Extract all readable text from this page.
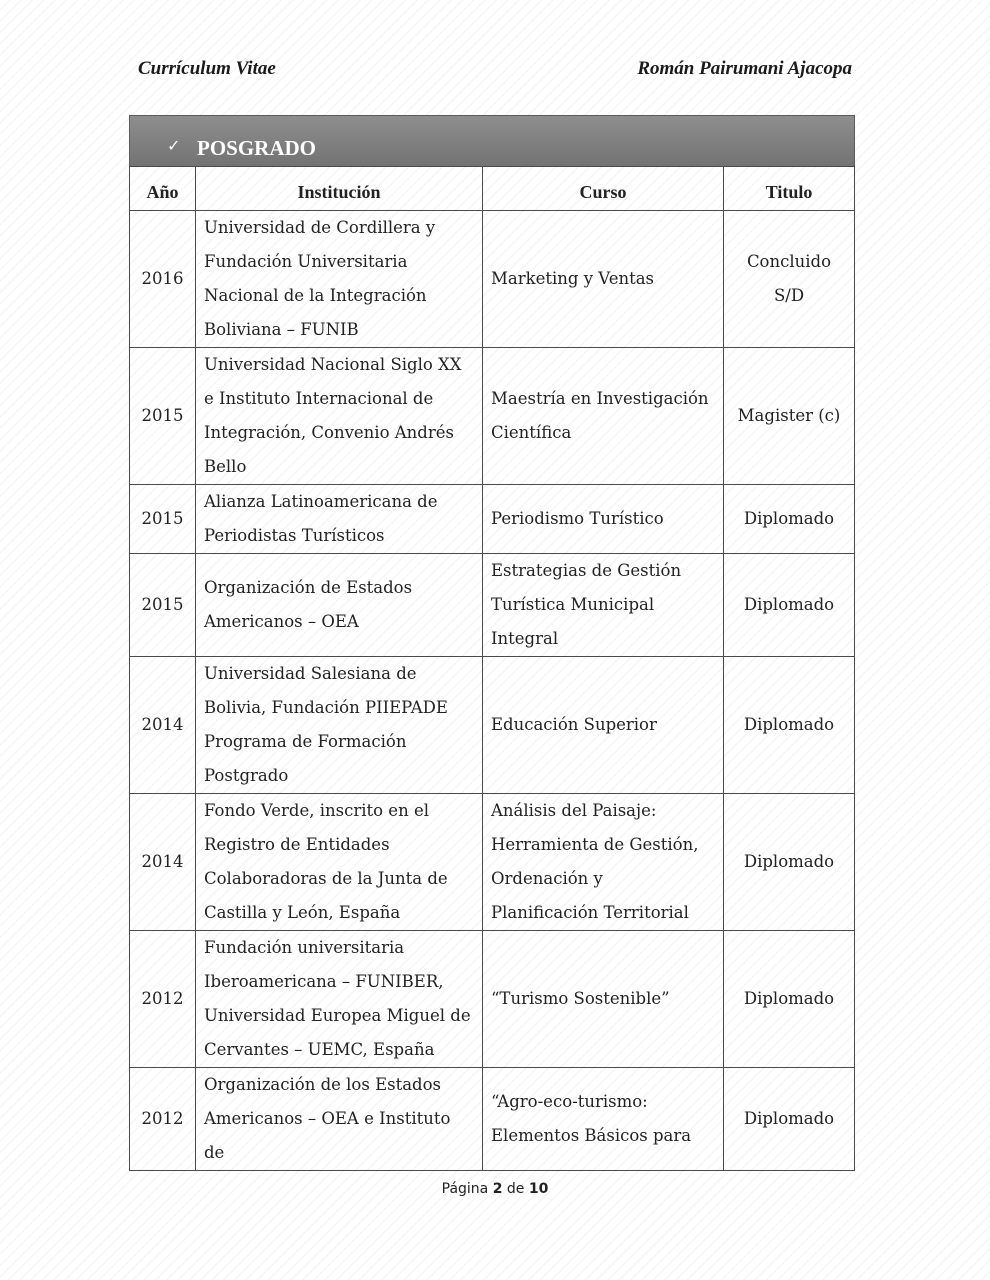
Currículum Vitae	Román Pairumani Ajacopa
✓ POSGRADO
Año	Institución	Curso	Titulo
2016	Universidad de Cordillera y Fundación Universitaria Nacional de la Integración Boliviana – FUNIB	Marketing y Ventas	Concluido S/D
2015	Universidad Nacional Siglo XX e Instituto Internacional de Integración, Convenio Andrés Bello	Maestría en Investigación Científica	Magister (c)
2015	Alianza Latinoamericana de Periodistas Turísticos	Periodismo Turístico	Diplomado
2015	Organización de Estados Americanos – OEA	Estrategias de Gestión Turística Municipal Integral	Diplomado
2014	Universidad Salesiana de Bolivia, Fundación PIIEPADE Programa de Formación Postgrado	Educación Superior	Diplomado
2014	Fondo Verde, inscrito en el Registro de Entidades Colaboradoras de la Junta de Castilla y León, España	Análisis del Paisaje: Herramienta de Gestión, Ordenación y Planificación Territorial	Diplomado
2012	Fundación universitaria Iberoamericana – FUNIBER, Universidad Europea Miguel de Cervantes – UEMC, España	“Turismo Sostenible”	Diplomado
2012	Organización de los Estados Americanos – OEA e Instituto de	“Agro-eco-turismo: Elementos Básicos para	Diplomado
Página 2 de 10
